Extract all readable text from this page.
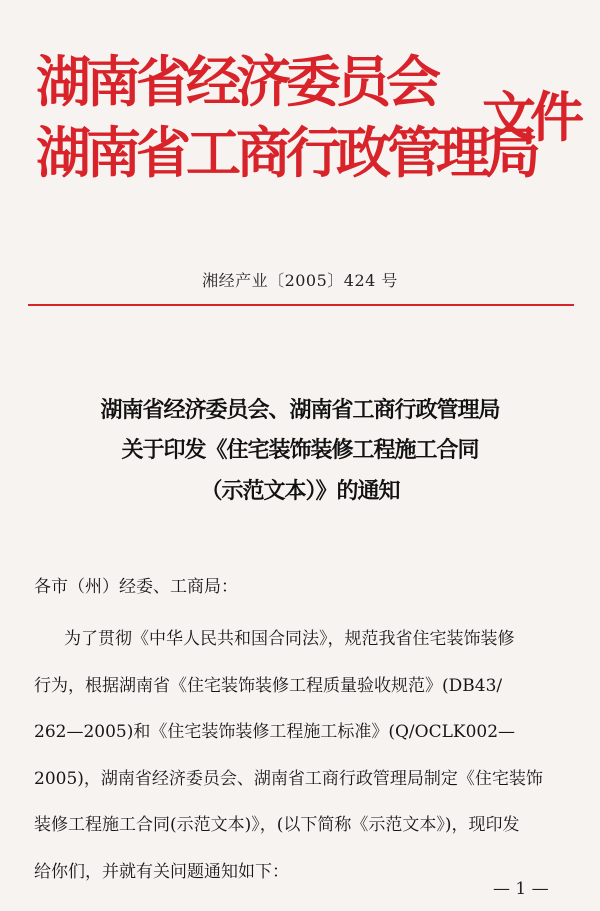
湖南省经济委员会
湖南省工商行政管理局
文件
湘经产业〔2005〕424 号
湖南省经济委员会、湖南省工商行政管理局
关于印发《住宅装饰装修工程施工合同
（示范文本）》的通知
各市（州）经委、工商局：
为了贯彻《中华人民共和国合同法》，规范我省住宅装饰装修
行为，根据湖南省《住宅装饰装修工程质量验收规范》(DB43/
262—2005)和《住宅装饰装修工程施工标准》(Q/OCLK002—
2005)，湖南省经济委员会、湖南省工商行政管理局制定《住宅装饰
装修工程施工合同(示范文本)》，(以下简称《示范文本》)，现印发
给你们，并就有关问题通知如下：
— 1 —
